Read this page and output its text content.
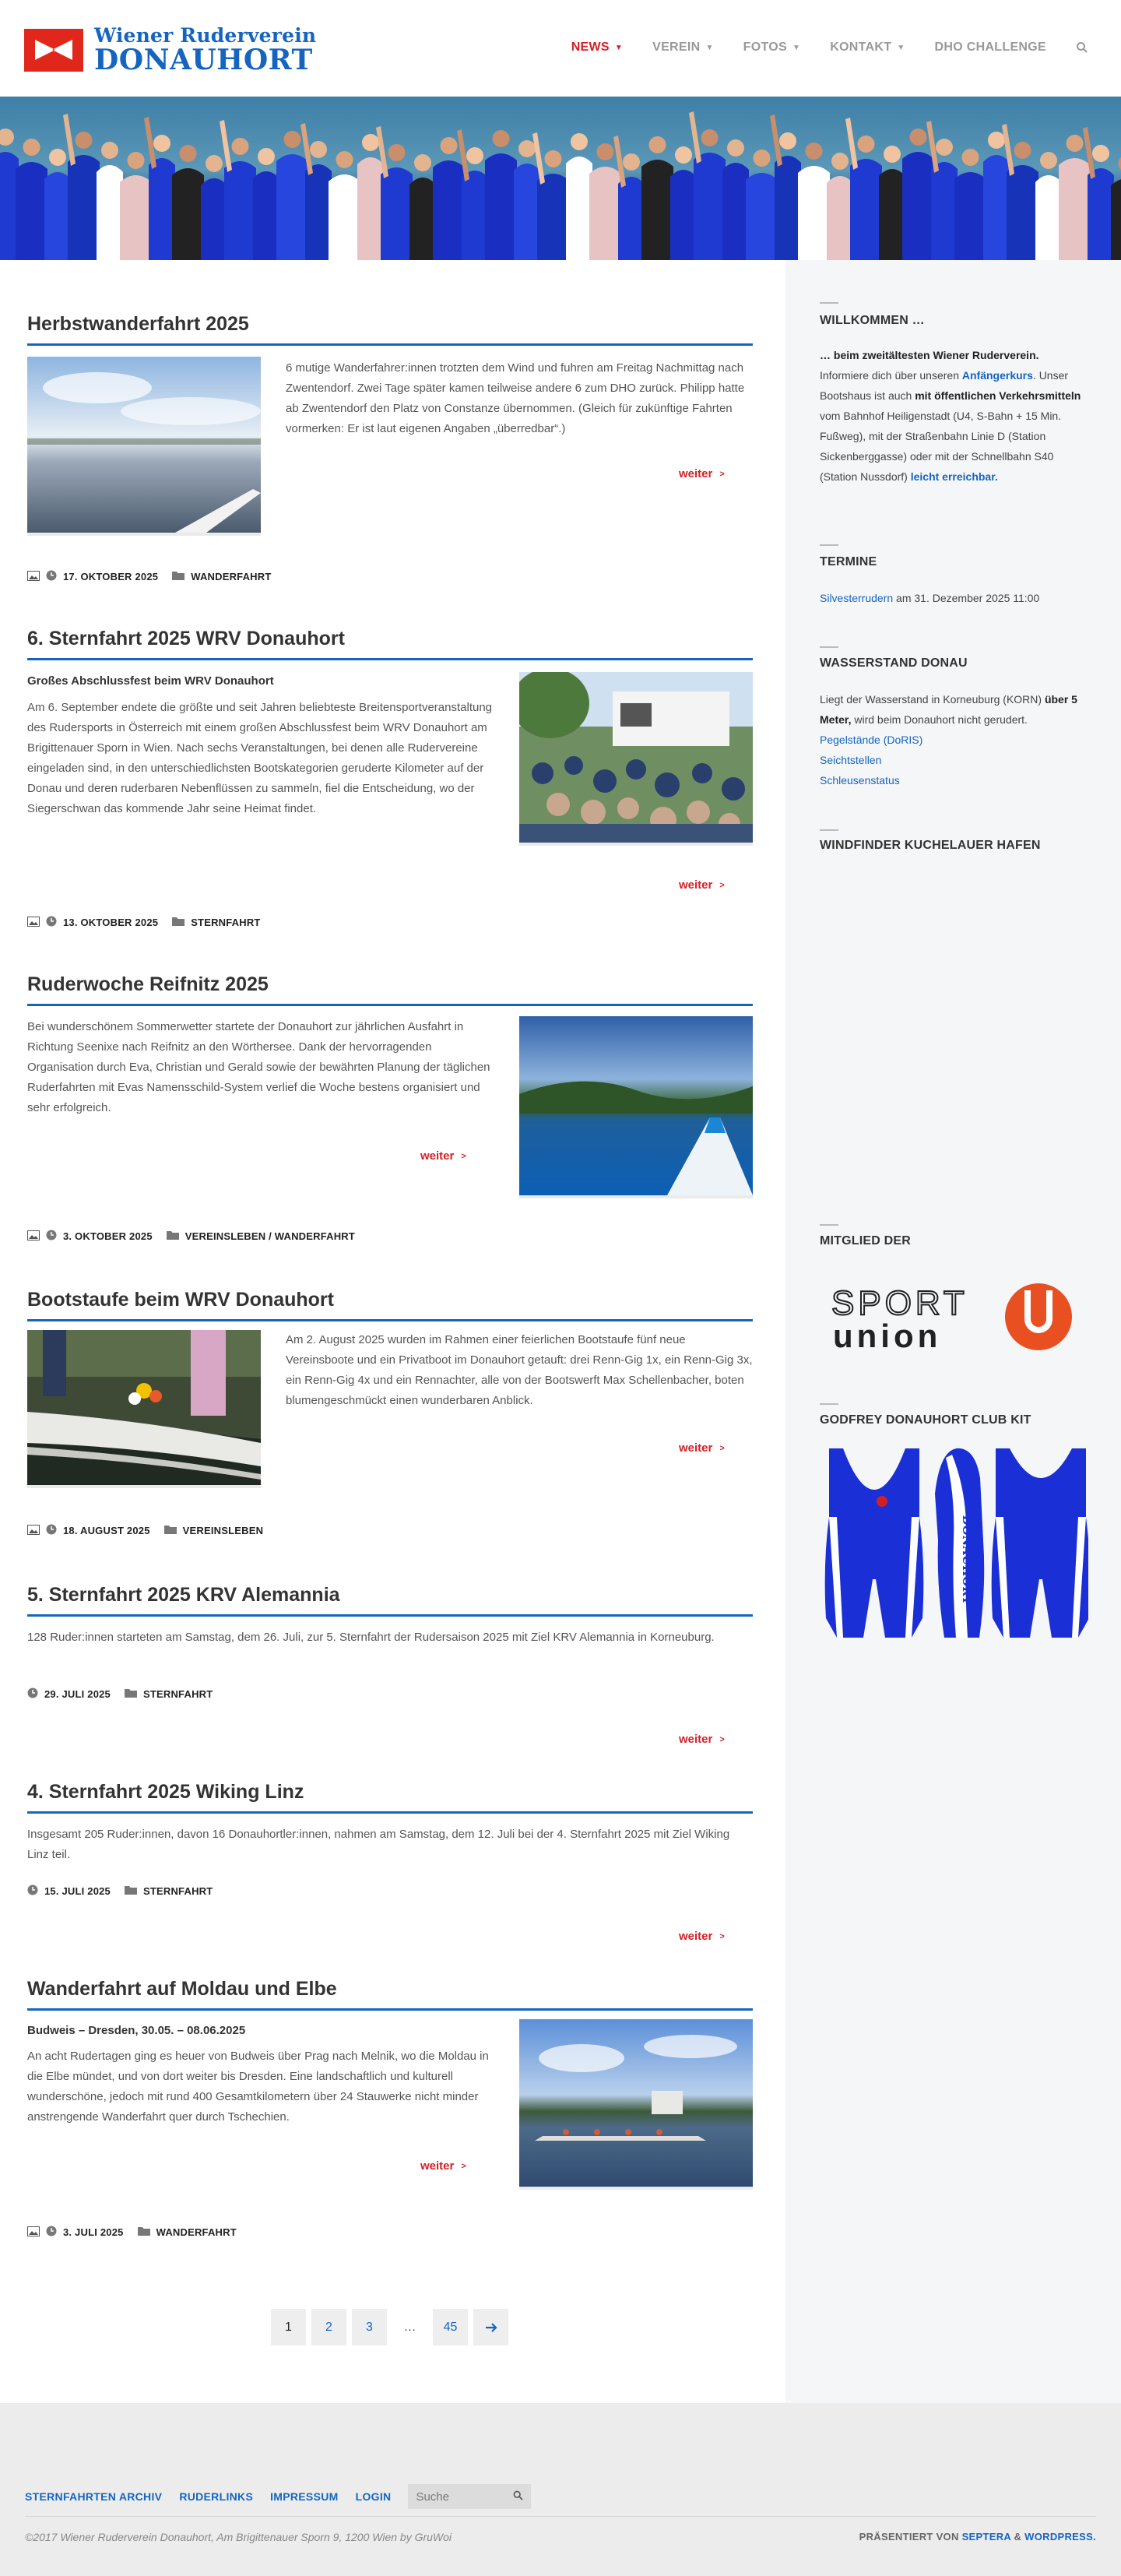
Wiener Ruderverein
DONAUHORT	NEWS ▼ VEREIN ▼ FOTOS ▼ KONTAKT ▼ DHO CHALLENGE
Herbstwanderfahrt 2025

6 mutige Wanderfahrer:innen trotzten dem Wind und fuhren am Freitag Nachmittag nach Zwentendorf. Zwei Tage später kamen teilweise andere 6 zum DHO zurück. Philipp hatte ab Zwentendorf den Platz von Constanze übernommen. (Gleich für zukünftige Fahrten vormerken: Er ist laut eigenen Angaben „überredbar“.)

weiter >
17. OKTOBER 2025	WANDERFAHRT
6. Sternfahrt 2025 WRV Donauhort
Großes Abschlussfest beim WRV Donauhort

Am 6. September endete die größte und seit Jahren beliebteste Breitensportveranstaltung des Rudersports in Österreich mit einem großen Abschlussfest beim WRV Donauhort am Brigittenauer Sporn in Wien. Nach sechs Veranstaltungen, bei denen alle Rudervereine eingeladen sind, in den unterschiedlichsten Bootskategorien geruderte Kilometer auf der Donau und deren ruderbaren Nebenflüssen zu sammeln, fiel die Entscheidung, wo der Siegerschwan das kommende Jahr seine Heimat findet.

weiter >
13. OKTOBER 2025	STERNFAHRT
Ruderwoche Reifnitz 2025

Bei wunderschönem Sommerwetter startete der Donauhort zur jährlichen Ausfahrt in Richtung Seenixe nach Reifnitz an den Wörthersee. Dank der hervorragenden Organisation durch Eva, Christian und Gerald sowie der bewährten Planung der täglichen Ruderfahrten mit Evas Namensschild-System verlief die Woche bestens organisiert und sehr erfolgreich.

weiter >
3. OKTOBER 2025	VEREINSLEBEN / WANDERFAHRT
Bootstaufe beim WRV Donauhort

Am 2. August 2025 wurden im Rahmen einer feierlichen Bootstaufe fünf neue Vereinsboote und ein Privatboot im Donauhort getauft: drei Renn-Gig 1x, ein Renn-Gig 3x, ein Renn-Gig 4x und ein Rennachter, alle von der Bootswerft Max Schellenbacher, boten blumengeschmückt einen wunderbaren Anblick.

weiter >
18. AUGUST 2025	VEREINSLEBEN
5. Sternfahrt 2025 KRV Alemannia

128 Ruder:innen starteten am Samstag, dem 26. Juli, zur 5. Sternfahrt der Rudersaison 2025 mit Ziel KRV Alemannia in Korneuburg.

29. JULI 2025	STERNFAHRT
weiter >
4. Sternfahrt 2025 Wiking Linz

Insgesamt 205 Ruder:innen, davon 16 Donauhortler:innen, nahmen am Samstag, dem 12. Juli bei der 4. Sternfahrt 2025 mit Ziel Wiking Linz teil.

15. JULI 2025	STERNFAHRT
weiter >
Wanderfahrt auf Moldau und Elbe
Budweis – Dresden, 30.05. – 08.06.2025

An acht Rudertagen ging es heuer von Budweis über Prag nach Melnik, wo die Moldau in die Elbe mündet, und von dort weiter bis Dresden. Eine landschaftlich und kulturell wunderschöne, jedoch mit rund 400 Gesamtkilometern über 24 Stauwerke nicht minder anstrengende Wanderfahrt quer durch Tschechien.

weiter >
3. JULI 2025	WANDERFAHRT
1	2	3	…	45
WILLKOMMEN …
… beim zweitältesten Wiener Ruderverein.
Informiere dich über unseren Anfängerkurs. Unser Bootshaus ist auch mit öffentlichen Verkehrsmitteln vom Bahnhof Heiligenstadt (U4, S-Bahn + 15 Min. Fußweg), mit der Straßenbahn Linie D (Station Sickenberggasse) oder mit der Schnellbahn S40 (Station Nussdorf) leicht erreichbar.
TERMINE
Silvesterrudern am 31. Dezember 2025 11:00
WASSERSTAND DONAU
Liegt der Wasserstand in Korneuburg (KORN) über 5 Meter, wird beim Donauhort nicht gerudert.
Pegelstände (DoRIS)
Seichtstellen
Schleusenstatus
WINDFINDER KUCHELAUER HAFEN
MITGLIED DER
SPORT
union
GODFREY DONAUHORT CLUB KIT
DONAUHORT
STERNFAHRTEN ARCHIV RUDERLINKS IMPRESSUM LOGIN Suche
©2017 Wiener Ruderverein Donauhort, Am Brigittenauer Sporn 9, 1200 Wien by GruWoi	PRÄSENTIERT VON SEPTERA & WORDPRESS.
